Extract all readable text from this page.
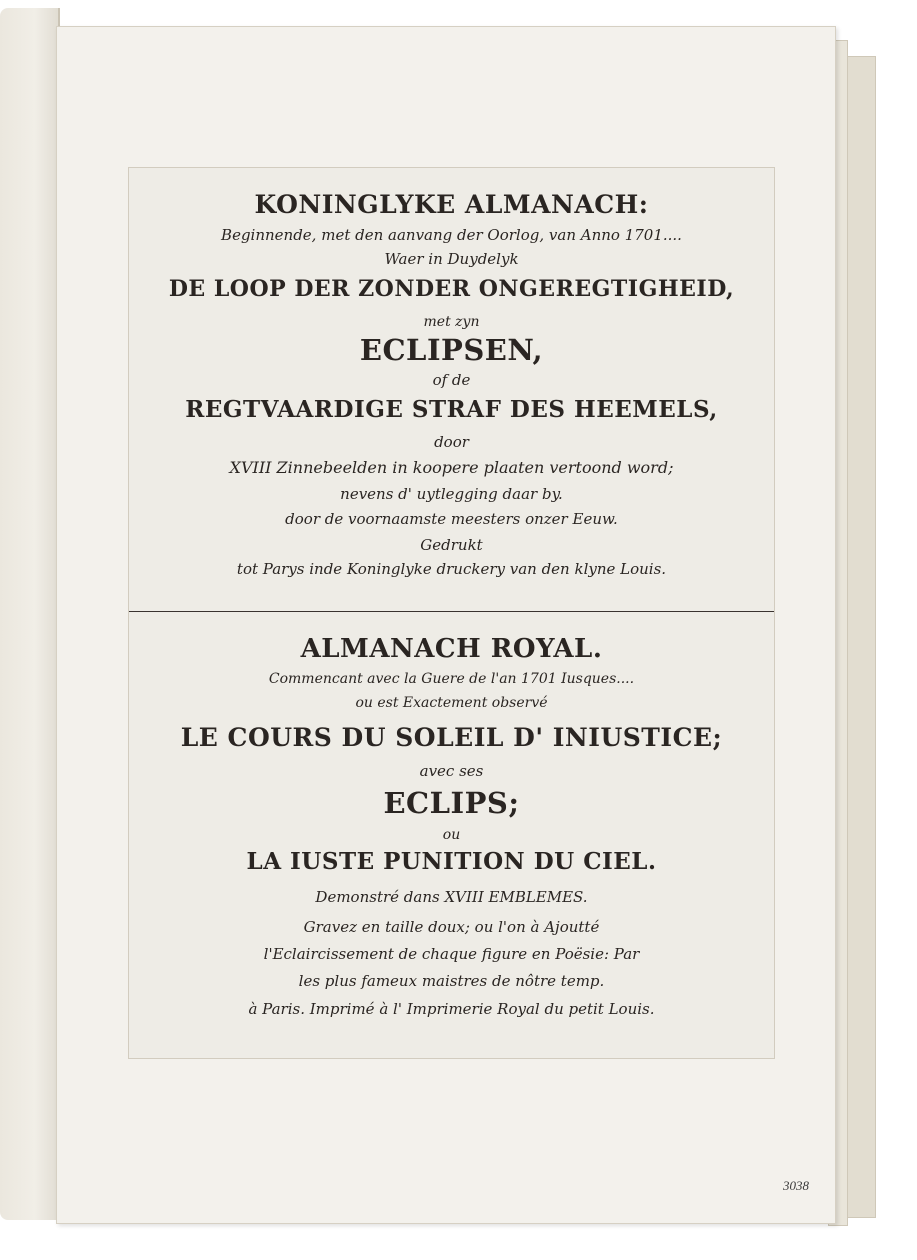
KONINGLYKE ALMANACH:
Beginnende, met den aanvang der Oorlog, van Anno 1701....
Waer in Duydelyk
DE LOOP DER ZONDER ONGEREGTIGHEID,
met zyn
ECLIPSEN,
of de
REGTVAARDIGE STRAF DES HEEMELS,
door
XVIII Zinnebeelden in koopere plaaten vertoond word;
nevens d' uytlegging daar by.
door de voornaamste meesters onzer Eeuw.
Gedrukt
tot Parys inde Koninglyke druckery van den klyne Louis.
ALMANACH ROYAL.
Commencant avec la Guere de l'an 1701 Iusques....
ou est Exactement observé
LE COURS DU SOLEIL D' INIUSTICE;
avec ses
ECLIPS;
ou
LA IUSTE PUNITION DU CIEL.
Demonstré dans XVIII EMBLEMES.
Gravez en taille doux; ou l'on à Ajoutté
l'Eclaircissement de chaque figure en Poësie: Par
les plus fameux maistres de nôtre temp.
à Paris. Imprimé à l' Imprimerie Royal du petit Louis.
3038
